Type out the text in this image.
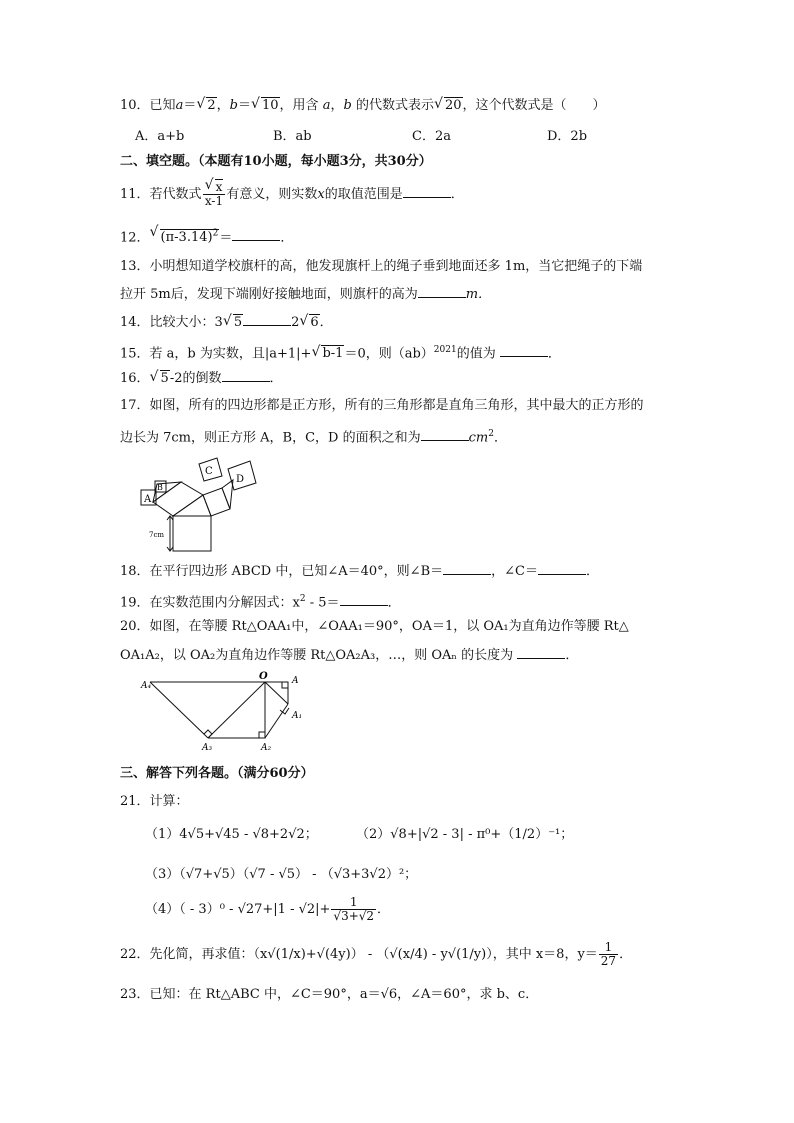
10．已知a＝ √ 2，b＝ √ 10，用含 a，b 的代数式表示 √ 20，这个代数式是（　　）
A．a+b	B．ab	C．2a	D．2b
二、填空题。（本题有10小题，每小题3分，共30分）
11．若代数式 √ $\frac{x}{x-1}$ 有意义，则实数x的取值范围是	．
12． √ $(\pi-3.14)^2=$	．
13．小明想知道学校旗杆的高，他发现旗杆上的绳子垂到地面还多 1m，当它把绳子的下端
拉开 5m后，发现下端刚好接触地面，则旗杆的高为	m．
14．比较大小：3 √ 5	2 √ 6．
15．若 a，b 为实数，且|a+1|+ √ b-1＝0，则（ab）$^{2021}$的值为	．
16． √ 5-2的倒数	．
17．如图，所有的四边形都是正方形，所有的三角形都是直角三角形，其中最大的正方形的
边长为 7cm，则正方形 A，B，C，D 的面积之和为	$cm^2$．
A
B
C
D
7cm
18．在平行四边形 ABCD 中，已知∠A＝40°，则∠B＝	，∠C＝	．
19．在实数范围内分解因式：$x^2 - 5=$	．
20．如图，在等腰 Rt△OAA₁中，∠OAA₁＝90°，OA＝1，以 OA₁为直角边作等腰 Rt△
OA₁A₂，以 OA₂为直角边作等腰 Rt△OA₂A₃，…，则 OAₙ 的长度为	．
O	A
A₁
A₂
A₃
A₄
三、解答下列各题。（满分60分）
21．计算：
（1）4√5+√45 - √8+2√2；	（2）√8+|√2 - 3| - π⁰+（1/2）⁻¹；
（3）（√7+√5）（√7 - √5） - （√3+3√2）²；
$(4)( - 3)^0 - √27+|1 - √2|+ \frac{1}{√3+√2}$ ．
22．先化简，再求值：（x√(1/x)+√(4y)） - （√(x/4) - y√(1/y)），其中 x＝8，$y= \frac{1}{27}$ ．
23．已知：在 Rt△ABC 中，∠C＝90°，a＝√6，∠A＝60°，求 b、c．
